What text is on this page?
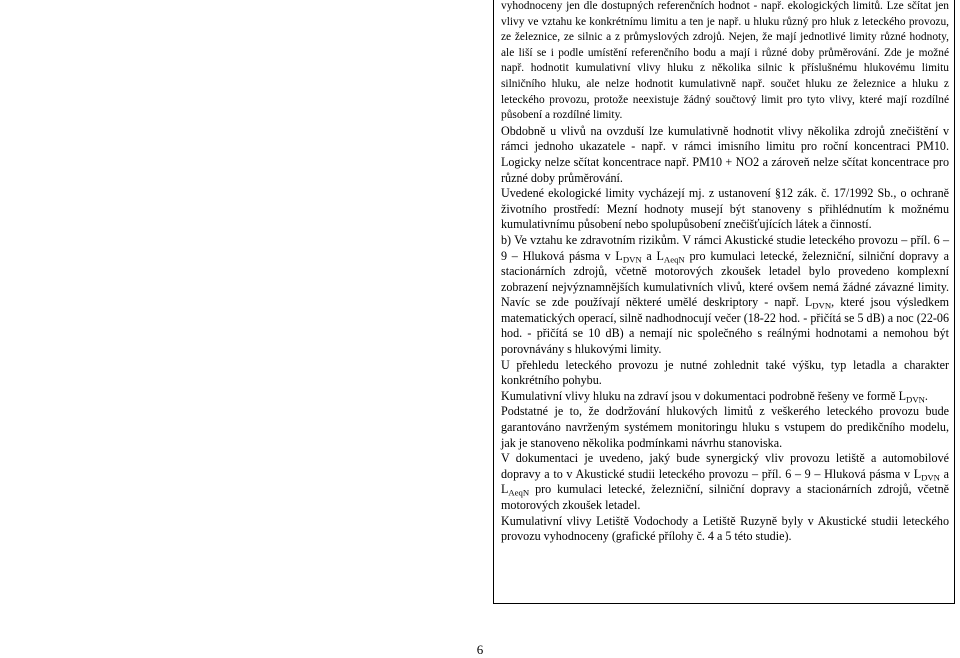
vyhodnoceny jen dle dostupných referenčních hodnot - např. ekologických limitů. Lze sčítat jen vlivy ve vztahu ke konkrétnímu limitu a ten je např. u hluku různý pro hluk z leteckého provozu, ze železnice, ze silnic a z průmyslových zdrojů. Nejen, že mají jednotlivé limity různé hodnoty, ale liší se i podle umístění referenčního bodu a mají i různé doby průměrování. Zde je možné např. hodnotit kumulativní vlivy hluku z několika silnic k příslušnému hlukovému limitu silničního hluku, ale nelze hodnotit kumulativně např. součet hluku ze železnice a hluku z leteckého provozu, protože neexistuje žádný součtový limit pro tyto vlivy, které mají rozdílné působení a rozdílné limity.

Obdobně u vlivů na ovzduší lze kumulativně hodnotit vlivy několika zdrojů znečištění v rámci jednoho ukazatele - např. v rámci imisního limitu pro roční koncentraci PM10. Logicky nelze sčítat koncentrace např. PM10 + NO2 a zároveň nelze sčítat koncentrace pro různé doby průměrování.

Uvedené ekologické limity vycházejí mj. z ustanovení §12 zák. č. 17/1992 Sb., o ochraně životního prostředí: Mezní hodnoty musejí být stanoveny s přihlédnutím k možnému kumulativnímu působení nebo spolupůsobení znečišťujících látek a činností.

b) Ve vztahu ke zdravotním rizikům. V rámci Akustické studie leteckého provozu – příl. 6 – 9 – Hluková pásma v $L_{DVN}$ a $L_{AeqN}$ pro kumulaci letecké, železniční, silniční dopravy a stacionárních zdrojů, včetně motorových zkoušek letadel bylo provedeno komplexní zobrazení nejvýznamnějších kumulativních vlivů, které ovšem nemá žádné závazné limity. Navíc se zde používají některé umělé deskriptory - např. $L_{DVN}$, které jsou výsledkem matematických operací, silně nadhodnocují večer (18-22 hod. - přičítá se 5 dB) a noc (22-06 hod. - přičítá se 10 dB) a nemají nic společného s reálnými hodnotami a nemohou být porovnávány s hlukovými limity.

U přehledu leteckého provozu je nutné zohlednit také výšku, typ letadla a charakter konkrétního pohybu.

Kumulativní vlivy hluku na zdraví jsou v dokumentaci podrobně řešeny ve formě $L_{DVN}$.

Podstatné je to, že dodržování hlukových limitů z veškerého leteckého provozu bude garantováno navrženým systémem monitoringu hluku s vstupem do predikčního modelu, jak je stanoveno několika podmínkami návrhu stanoviska.

V dokumentaci je uvedeno, jaký bude synergický vliv provozu letiště a automobilové dopravy a to v Akustické studii leteckého provozu – příl. 6 – 9 – Hluková pásma v $L_{DVN}$ a $L_{AeqN}$ pro kumulaci letecké, železniční, silniční dopravy a stacionárních zdrojů, včetně motorových zkoušek letadel.

Kumulativní vlivy Letiště Vodochody a Letiště Ruzyně byly v Akustické studii leteckého provozu vyhodnoceny (grafické přílohy č. 4 a 5 této studie).

6
